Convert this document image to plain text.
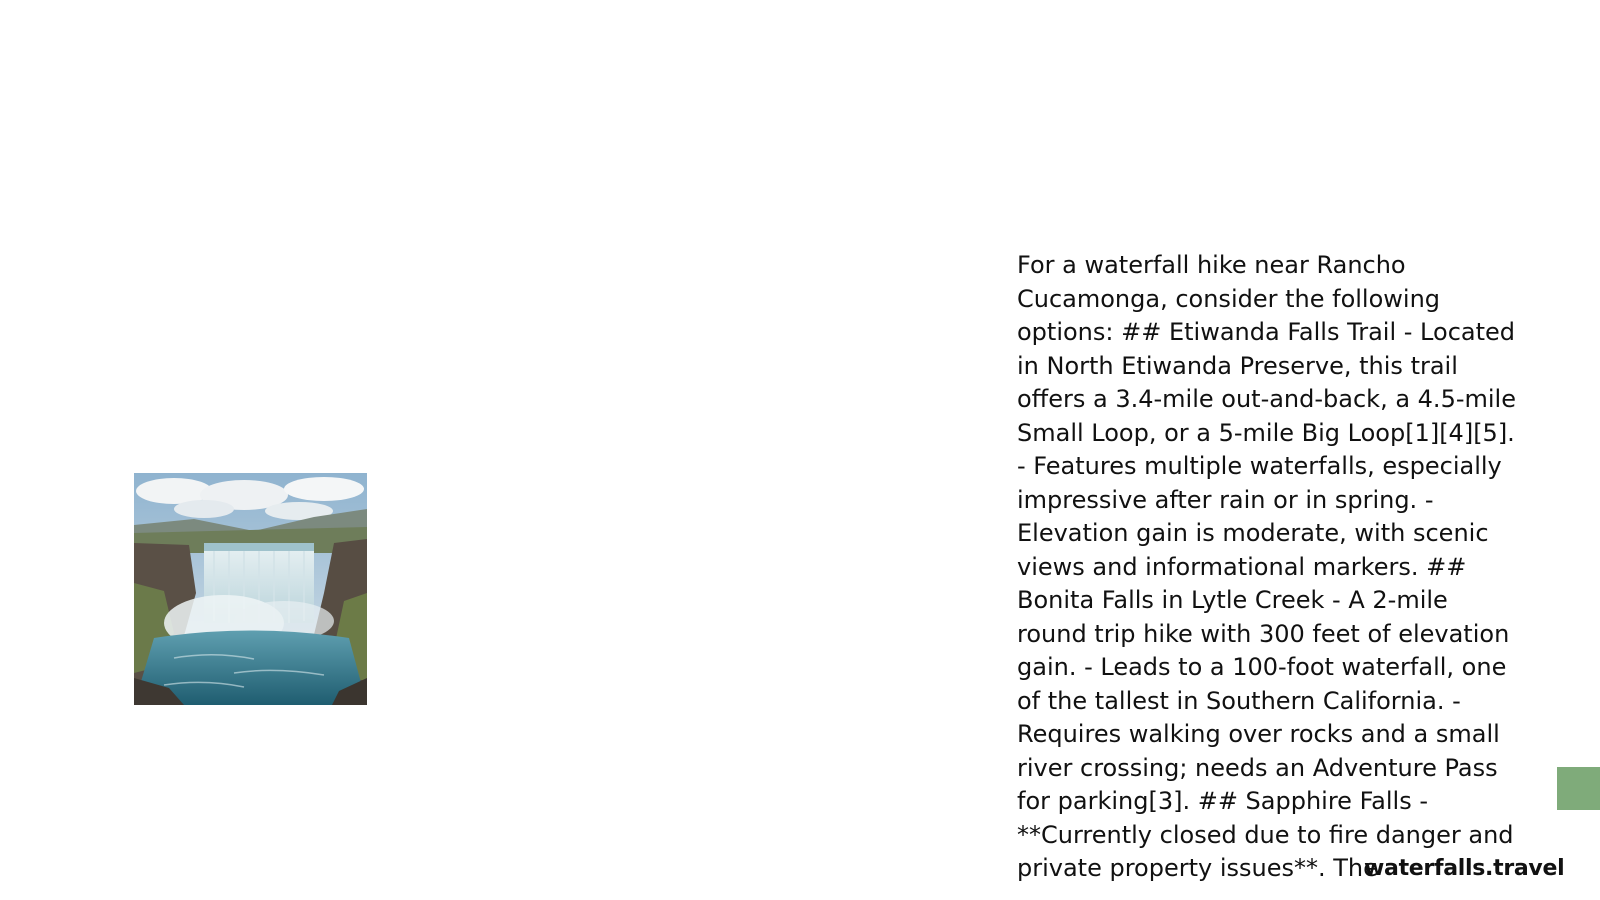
For a waterfall hike near Rancho Cucamonga, consider the following options: ## Etiwanda Falls Trail - Located in North Etiwanda Preserve, this trail offers a 3.4-mile out-and-back, a 4.5-mile Small Loop, or a 5-mile Big Loop[1][4][5]. - Features multiple waterfalls, especially impressive after rain or in spring. - Elevation gain is moderate, with scenic views and informational markers. ## Bonita Falls in Lytle Creek - A 2-mile round trip hike with 300 feet of elevation gain. - Leads to a 100-foot waterfall, one of the tallest in Southern California. - Requires walking over rocks and a small river crossing; needs an Adventure Pass for parking[3]. ## Sapphire Falls - **Currently closed due to fire danger and private property issues**. The

waterfalls.travel
